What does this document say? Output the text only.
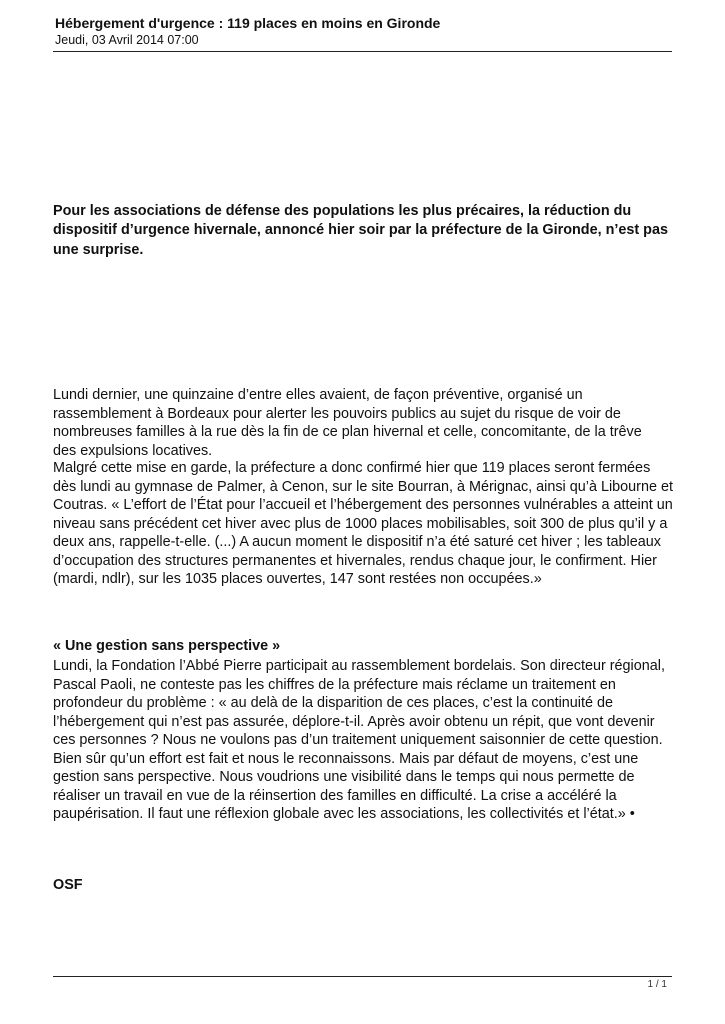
Hébergement d'urgence : 119 places en moins en Gironde
Jeudi, 03 Avril 2014 07:00

Pour les associations de défense des populations les plus précaires, la réduction du dispositif d’urgence hivernale, annoncé hier soir par la préfecture de la Gironde, n’est pas une surprise.

Lundi dernier, une quinzaine d’entre elles avaient, de façon préventive, organisé un rassemblement à Bordeaux pour alerter les pouvoirs publics au sujet du risque de voir de nombreuses familles à la rue dès la fin de ce plan hivernal et celle, concomitante, de la trêve des expulsions locatives.

Malgré cette mise en garde, la préfecture a donc confirmé hier que 119 places seront fermées dès lundi au gymnase de Palmer, à Cenon, sur le site Bourran, à Mérignac, ainsi qu’à Libourne et Coutras. « L’effort de l’État pour l’accueil et l’hébergement des personnes vulnérables a atteint un niveau sans précédent cet hiver avec plus de 1000 places mobilisables, soit 300 de plus qu’il y a deux ans, rappelle-t-elle. (...) A aucun moment le dispositif n’a été saturé cet hiver ; les tableaux d’occupation des structures permanentes et hivernales, rendus chaque jour, le confirment. Hier (mardi, ndlr), sur les 1035 places ouvertes, 147 sont restées non occupées.»

« Une gestion sans perspective »

Lundi, la Fondation l’Abbé Pierre participait au rassemblement bordelais. Son directeur régional, Pascal Paoli, ne conteste pas les chiffres de la préfecture mais réclame un traitement en profondeur du problème : « au delà de la disparition de ces places, c’est la continuité de l’hébergement qui n’est pas assurée, déplore-t-il. Après avoir obtenu un répit, que vont devenir ces personnes ? Nous ne voulons pas d’un traitement uniquement saisonnier de cette question. Bien sûr qu’un effort est fait et nous le reconnaissons. Mais par défaut de moyens, c’est une gestion sans perspective. Nous voudrions une visibilité dans le temps qui nous permette de réaliser un travail en vue de la réinsertion des familles en difficulté. La crise a accéléré la paupérisation. Il faut une réflexion globale avec les associations, les collectivités et l’état.» •

OSF

1 / 1
